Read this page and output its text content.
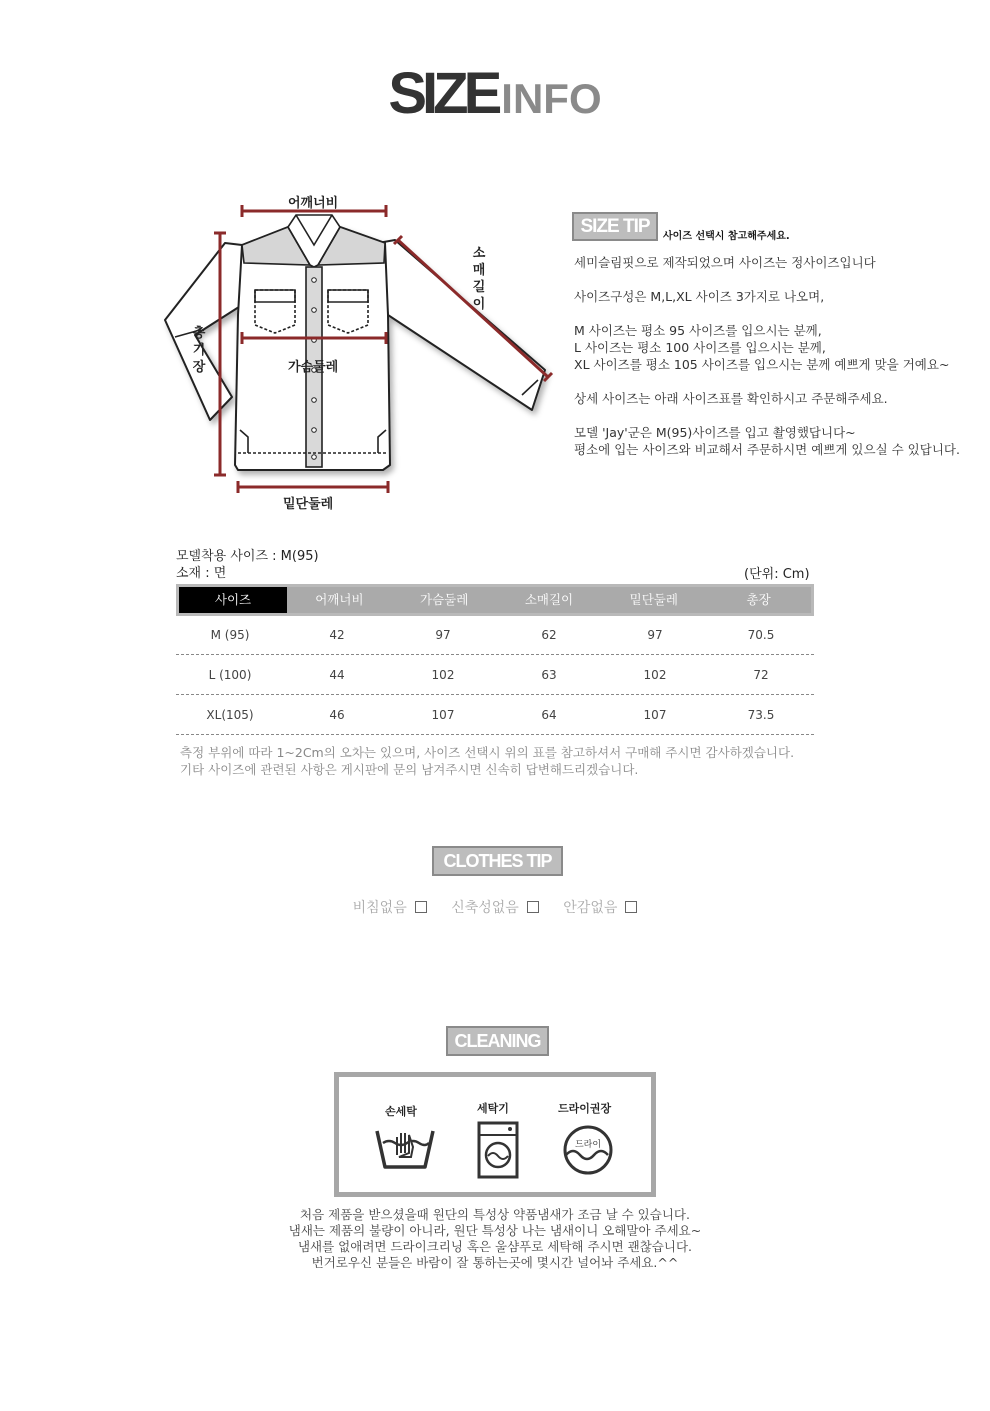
SIZEINFO
어깨너비
소
매
길
이
총
기
장	가슴둘레
밑단둘레
SIZE TIP	사이즈 선택시 참고해주세요.

세미슬림핏으로 제작되었으며 사이즈는 정사이즈입니다

사이즈구성은 M,L,XL 사이즈 3가지로 나오며,

M 사이즈는 평소 95 사이즈를 입으시는 분께,

L 사이즈는 평소 100 사이즈를 입으시는 분께,

XL 사이즈를 평소 105 사이즈를 입으시는 분께 예쁘게 맞을 거예요~

상세 사이즈는 아래 사이즈표를 확인하시고 주문해주세요.

모델 'Jay'군은 M(95)사이즈를 입고 촬영했답니다~

평소에 입는 사이즈와 비교해서 주문하시면 예쁘게 있으실 수 있답니다.

모델착용 사이즈 : M(95)
소재 : 면	(단위: Cm)
사이즈	어깨너비	가슴둘레	소매길이	밑단둘레	총장
M (95)	42	97	62	97	70.5
L (100)	44	102	63	102	72
XL(105)	46	107	64	107	73.5

측정 부위에 따라 1~2Cm의 오차는 있으며, 사이즈 선택시 위의 표를 참고하셔서 구매해 주시면 감사하겠습니다.

기타 사이즈에 관련된 사항은 게시판에 문의 남겨주시면 신속히 답변해드리겠습니다.

CLOTHES TIP
비침없음	신축성없음	안감없음
CLEANING
손세탁	세탁기	드라이권장
드라이

처음 제품을 받으셨을때 원단의 특성상 약품냄새가 조금 날 수 있습니다.

냄새는 제품의 불량이 아니라, 원단 특성상 나는 냄새이니 오해말아 주세요~

냄새를 없애려면 드라이크리닝 혹은 울샴푸로 세탁해 주시면 괜찮습니다.

번거로우신 분들은 바람이 잘 통하는곳에 몇시간 널어놔 주세요.^^
